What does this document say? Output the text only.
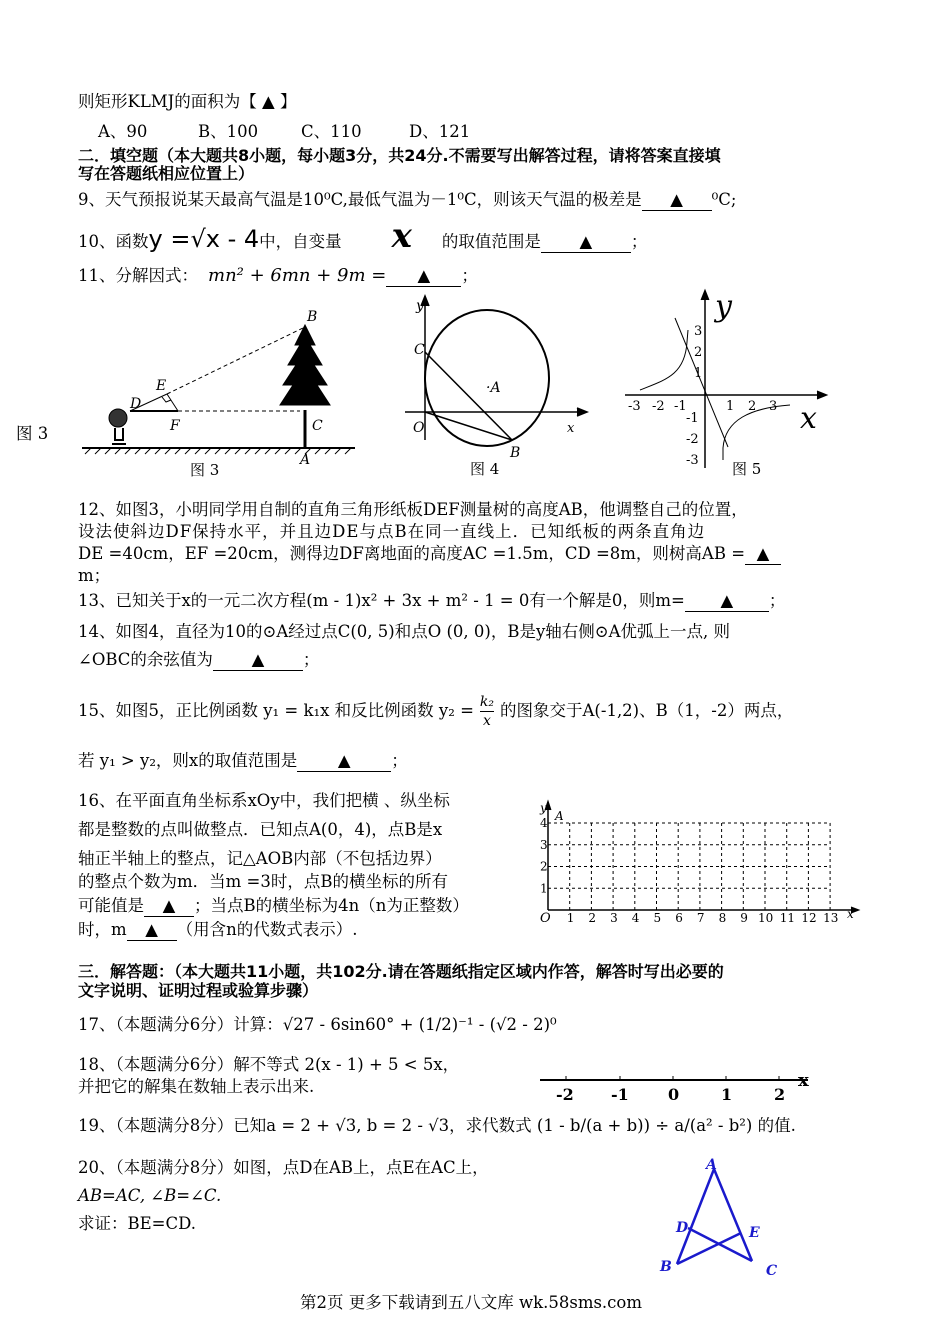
则矩形KLMJ的面积为【 ▲ 】
A、90	B、100	C、110	D、121
二．填空题（本大题共8小题，每小题3分，共24分.不需要写出解答过程，请将答案直接填
写在答题纸相应位置上）
9、天气预报说某天最高气温是10⁰C,最低气温为－1⁰C，则该天气温的极差是 ▲ ⁰C;
10、函数y =√x - 4中，自变量 x 的取值范围是 ▲ ；
11、分解因式： mn² + 6mn + 9m = ▲ ；
图 3
B
E
D
F	C
A
图 3
y
C
·A
O	x
B
图 4
y
x
-3 -2 -1	1 2 3
3
2
1
-1
-2
-3 图 5
y
A
O	x
1 2 3 4 5 6 7 8 9 10 11 12 13
1
2
3
4
-2 -1 0	1	2
x
A
B	C
D	E
12、如图3，小明同学用自制的直角三角形纸板DEF测量树的高度AB，他调整自己的位置，
设法使斜边DF保持水平，并且边DE与点B在同一直线上．已知纸板的两条直角边
DE =40cm，EF =20cm，测得边DF离地面的高度AC =1.5m，CD =8m，则树高AB = ▲
m；
13、已知关于x的一元二次方程(m - 1)x² + 3x + m² - 1 = 0有一个解是0，则m= ▲ ；
14、如图4，直径为10的⊙A经过点C(0, 5)和点O (0, 0)，B是y轴右侧⊙A优弧上一点, 则
∠OBC的余弦值为 ▲ ；
15、如图5，正比例函数 y₁ = k₁x 和反比例函数 $y_2 = \frac{\text{k₂}}{x}$ 的图象交于A(-1,2)、B（1，-2）两点，
若 y₁ > y₂，则x的取值范围是 ▲ ；
16、在平面直角坐标系xOy中，我们把横 、纵坐标
都是整数的点叫做整点．已知点A(0，4)，点B是x
轴正半轴上的整点，记△AOB内部（不包括边界）
的整点个数为m．当m =3时，点B的横坐标的所有
可能值是 ▲ ；当点B的横坐标为4n（n为正整数）
时，m ▲ （用含n的代数式表示）.
三．解答题：（本大题共11小题，共102分.请在答题纸指定区域内作答，解答时写出必要的
文字说明、证明过程或验算步骤）
17、（本题满分6分）计算：√27 - 6sin60° + (1/2)⁻¹ - (√2 - 2)⁰
18、（本题满分6分）解不等式 2(x - 1) + 5 < 5x，
并把它的解集在数轴上表示出来.
19、（本题满分8分）已知a = 2 + √3, b = 2 - √3，求代数式 (1 - b/(a + b)) ÷ a/(a² - b²) 的值.
20、（本题满分8分）如图，点D在AB上，点E在AC上，
AB=AC, ∠B=∠C.
求证：BE=CD.
第2页 更多下载请到五八文库 wk.58sms.com
